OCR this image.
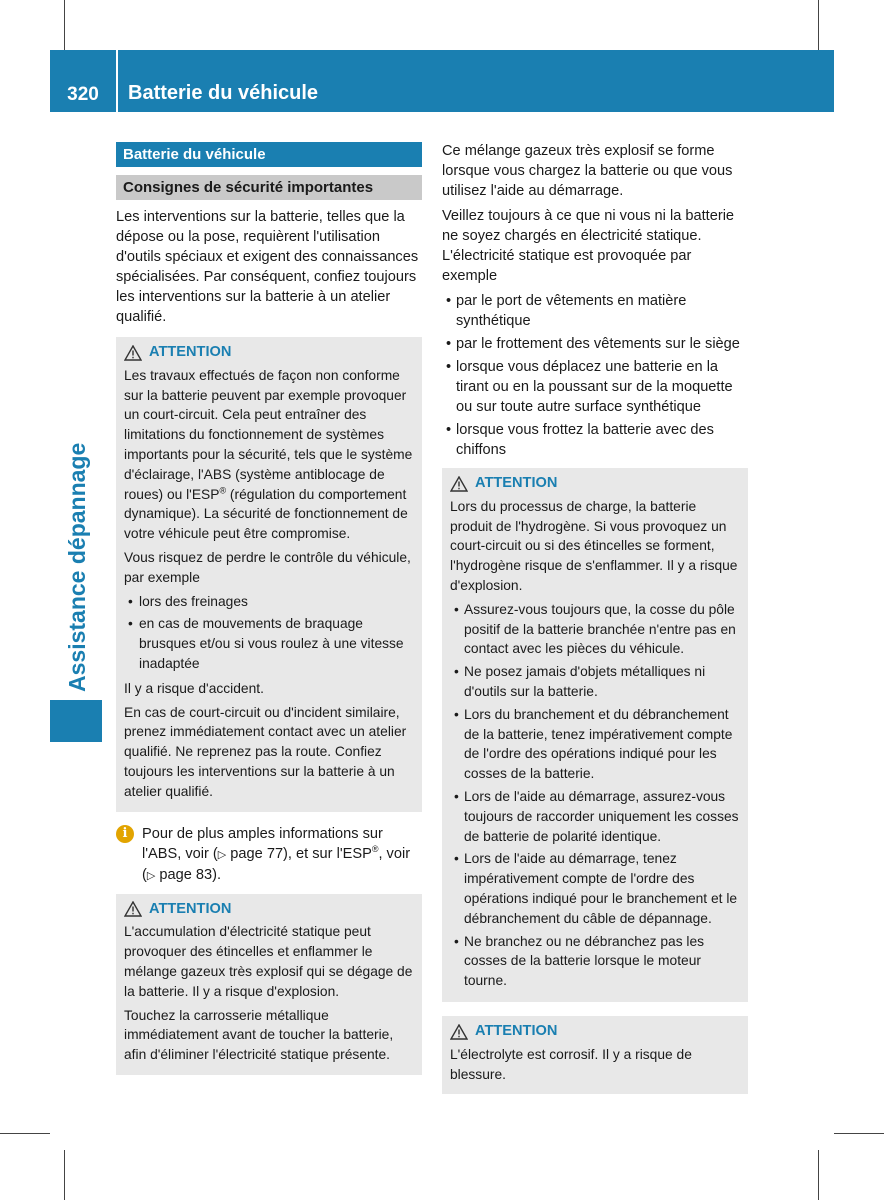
320	Batterie du véhicule
Assistance dépannage
Batterie du véhicule
Consignes de sécurité importantes

Les interventions sur la batterie, telles que la dépose ou la pose, requièrent l'utilisation d'outils spéciaux et exigent des connaissances spécialisées. Par conséquent, confiez toujours les interventions sur la batterie à un atelier qualifié.

ATTENTION

Les travaux effectués de façon non conforme sur la batterie peuvent par exemple provoquer un court-circuit. Cela peut entraîner des limitations du fonctionnement de systèmes importants pour la sécurité, tels que le système d'éclairage, l'ABS (système antiblocage de roues) ou l'ESP® (régulation du comportement dynamique). La sécurité de fonctionnement de votre véhicule peut être compromise.

Vous risquez de perdre le contrôle du véhicule, par exemple

• lors des freinages
• en cas de mouvements de braquage brusques et/ou si vous roulez à une vitesse inadaptée

Il y a risque d'accident.

En cas de court-circuit ou d'incident similaire, prenez immédiatement contact avec un atelier qualifié. Ne reprenez pas la route. Confiez toujours les interventions sur la batterie à un atelier qualifié.

i Pour de plus amples informations sur l'ABS, voir (▷ page 77), et sur l'ESP®, voir (▷ page 83).
ATTENTION

L'accumulation d'électricité statique peut provoquer des étincelles et enflammer le mélange gazeux très explosif qui se dégage de la batterie. Il y a risque d'explosion.

Touchez la carrosserie métallique immédiatement avant de toucher la batterie, afin d'éliminer l'électricité statique présente.

Ce mélange gazeux très explosif se forme lorsque vous chargez la batterie ou que vous utilisez l'aide au démarrage.

Veillez toujours à ce que ni vous ni la batterie ne soyez chargés en électricité statique. L'électricité statique est provoquée par exemple

• par le port de vêtements en matière synthétique
• par le frottement des vêtements sur le siège
• lorsque vous déplacez une batterie en la tirant ou en la poussant sur de la moquette ou sur toute autre surface synthétique
• lorsque vous frottez la batterie avec des chiffons
ATTENTION

Lors du processus de charge, la batterie produit de l'hydrogène. Si vous provoquez un court-circuit ou si des étincelles se forment, l'hydrogène risque de s'enflammer. Il y a risque d'explosion.

• Assurez-vous toujours que, la cosse du pôle positif de la batterie branchée n'entre pas en contact avec les pièces du véhicule.
• Ne posez jamais d'objets métalliques ni d'outils sur la batterie.
• Lors du branchement et du débranchement de la batterie, tenez impérativement compte de l'ordre des opérations indiqué pour les cosses de la batterie.
• Lors de l'aide au démarrage, assurez-vous toujours de raccorder uniquement les cosses de batterie de polarité identique.
• Lors de l'aide au démarrage, tenez impérativement compte de l'ordre des opérations indiqué pour le branchement et le débranchement du câble de dépannage.
• Ne branchez ou ne débranchez pas les cosses de la batterie lorsque le moteur tourne.
ATTENTION

L'électrolyte est corrosif. Il y a risque de blessure.
